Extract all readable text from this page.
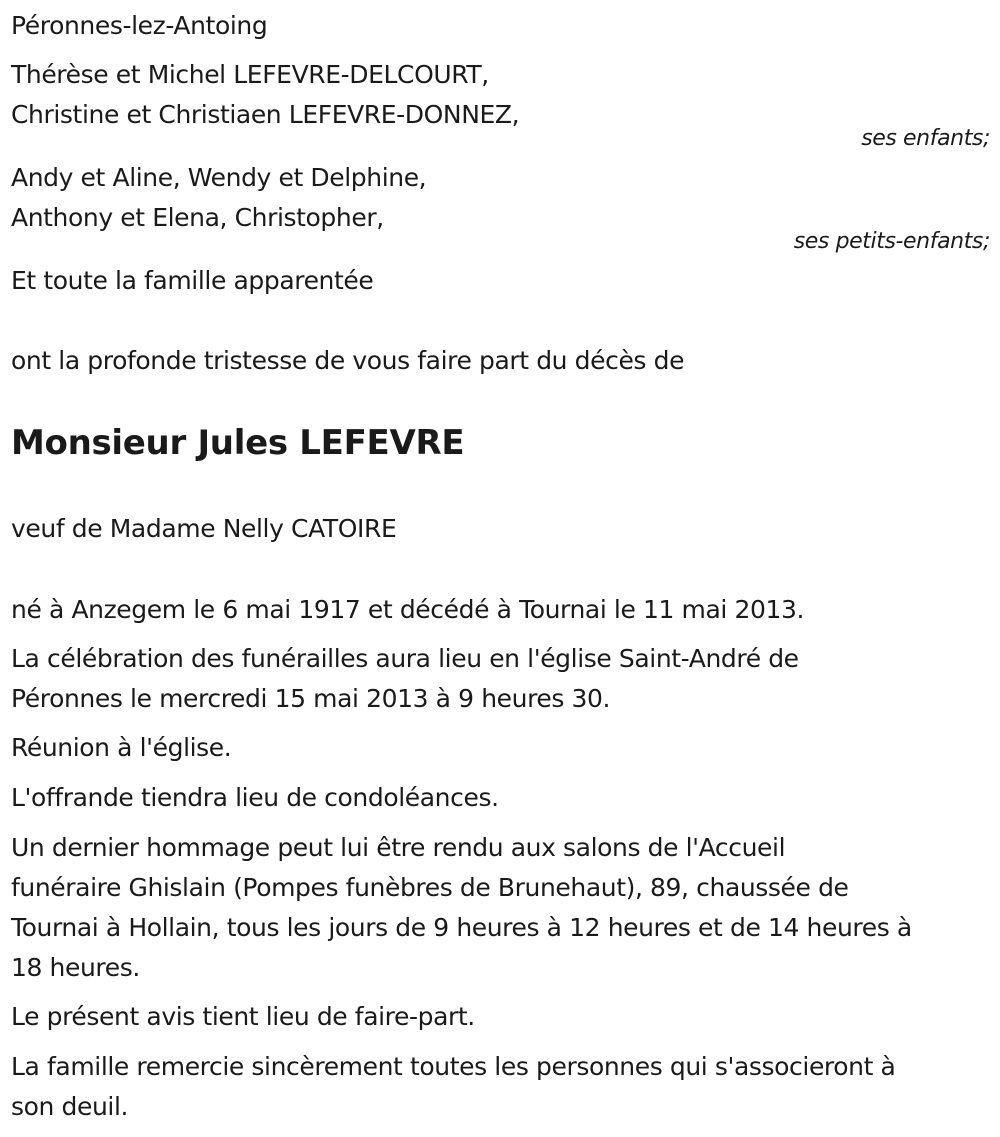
Péronnes-lez-Antoing
Thérèse et Michel LEFEVRE-DELCOURT,
Christine et Christiaen LEFEVRE-DONNEZ,
ses enfants;
Andy et Aline, Wendy et Delphine,
Anthony et Elena, Christopher,
ses petits-enfants;
Et toute la famille apparentée
ont la profonde tristesse de vous faire part du décès de
Monsieur Jules LEFEVRE
veuf de Madame Nelly CATOIRE
né à Anzegem le 6 mai 1917 et décédé à Tournai le 11 mai 2013.
La célébration des funérailles aura lieu en l'église Saint-André de
Péronnes le mercredi 15 mai 2013 à 9 heures 30.
Réunion à l'église.
L'offrande tiendra lieu de condoléances.
Un dernier hommage peut lui être rendu aux salons de l'Accueil
funéraire Ghislain (Pompes funèbres de Brunehaut), 89, chaussée de
Tournai à Hollain, tous les jours de 9 heures à 12 heures et de 14 heures à
18 heures.
Le présent avis tient lieu de faire-part.
La famille remercie sincèrement toutes les personnes qui s'associeront à
son deuil.
